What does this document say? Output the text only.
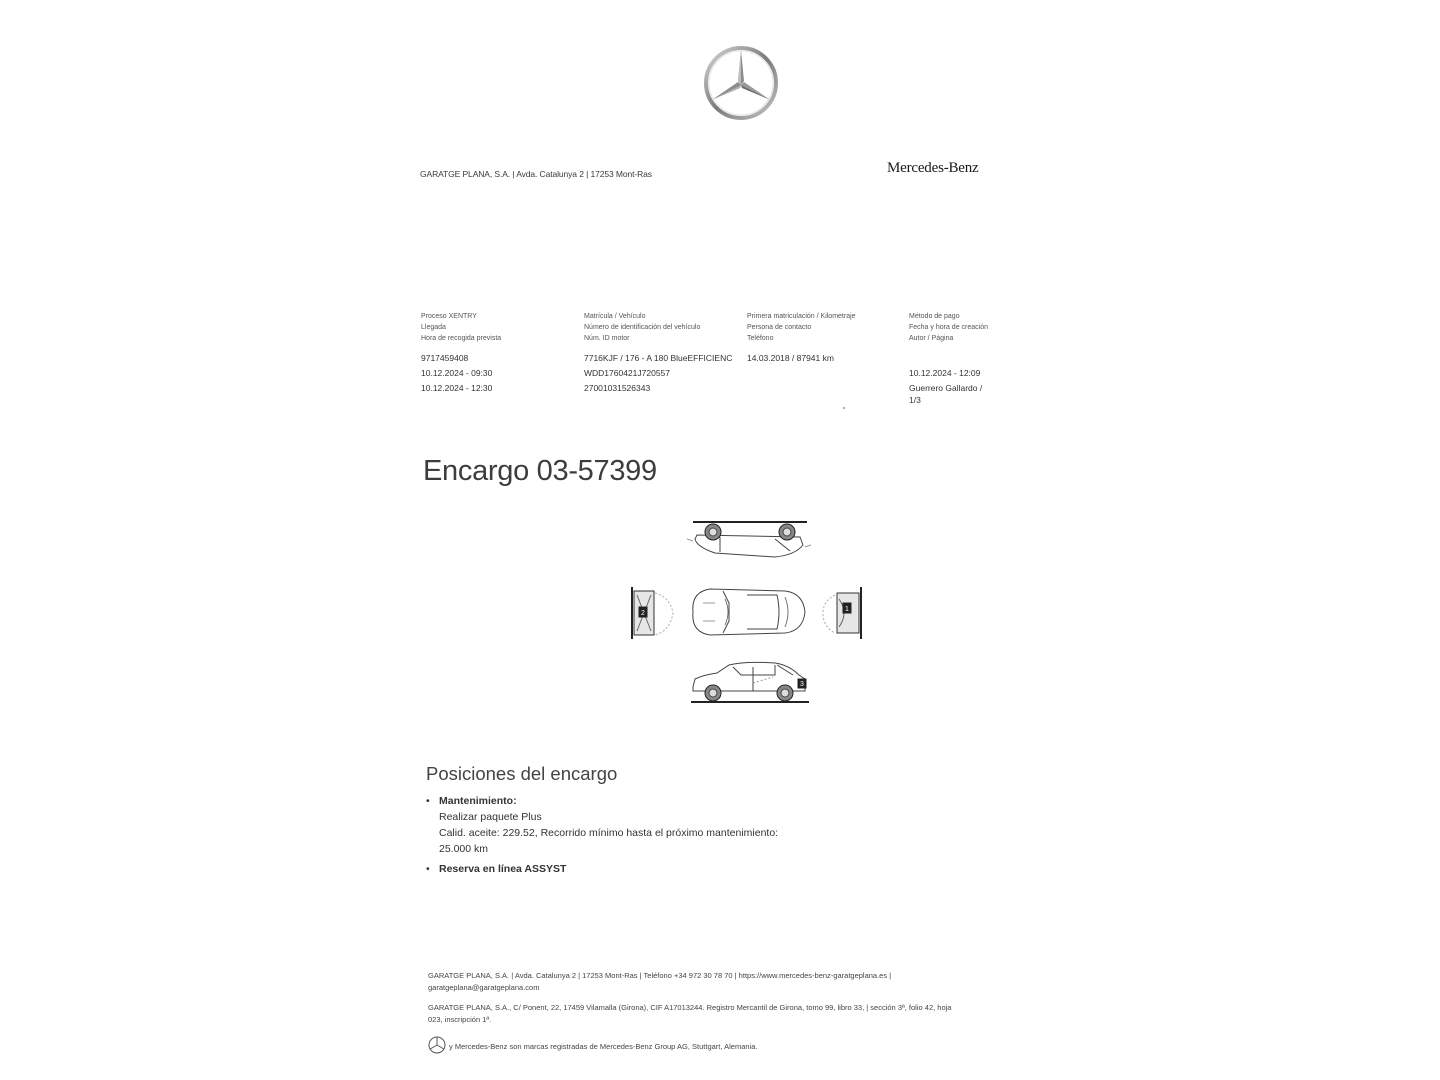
GARATGE PLANA, S.A. | Avda. Catalunya 2 | 17253 Mont-Ras	Mercedes-Benz
Proceso XENTRY
Llegada
Hora de recogida prevista
Matrícula / Vehículo
Número de identificación del vehículo
Núm. ID motor
Primera matriculación / Kilometraje
Persona de contacto
Teléfono
Método de pago
Fecha y hora de creación
Autor / Página
9717459408
10.12.2024 - 09:30
10.12.2024 - 12:30
7716KJF / 176 - A 180 BlueEFFICIENC
WDD1760421J720557
27001031526343
14.03.2018 / 87941 km
10.12.2024 - 12:09
Guerrero Gallardo /
1/3
Encargo 03-57399
2
1
3
Posiciones del encargo
• Mantenimiento:
Realizar paquete Plus
Calid. aceite: 229.52, Recorrido mínimo hasta el próximo mantenimiento:
25.000 km
• Reserva en línea ASSYST
GARATGE PLANA, S.A. | Avda. Catalunya 2 | 17253 Mont-Ras | Teléfono +34 972 30 78 70 | https://www.mercedes-benz-garatgeplana.es |
garatgeplana@garatgeplana.com
GARATGE PLANA, S.A., C/ Ponent, 22, 17459 Vilamalla (Girona), CIF A17013244. Registro Mercantil de Girona, tomo 99, libro 33, | sección 3ª, folio 42, hoja
023, inscripción 1ª.
y Mercedes-Benz son marcas registradas de Mercedes-Benz Group AG, Stuttgart, Alemania.
